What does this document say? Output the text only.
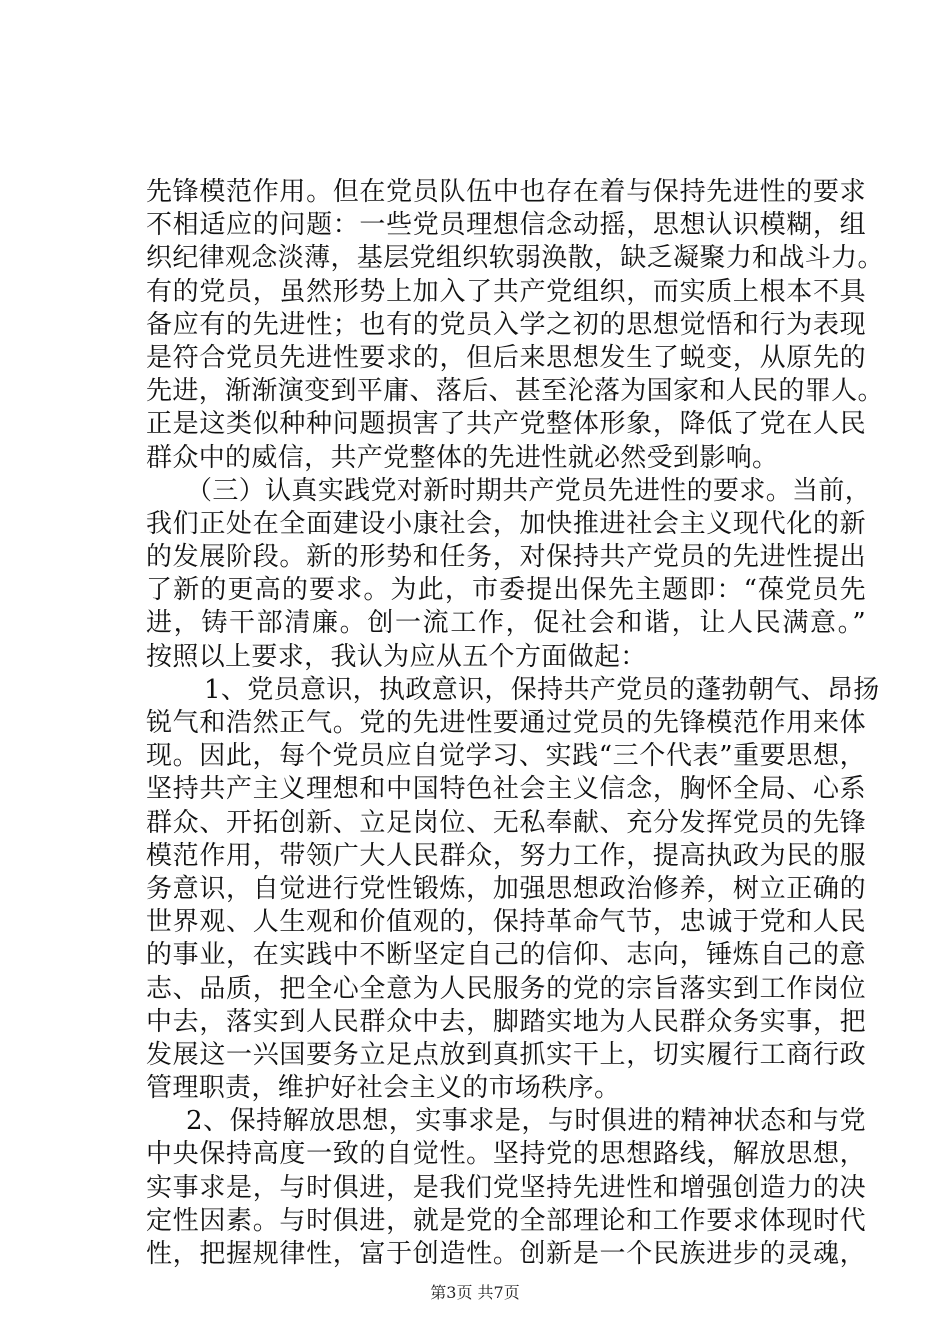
先锋模范作用。但在党员队伍中也存在着与保持先进性的要求
不相适应的问题：一些党员理想信念动摇，思想认识模糊，组
织纪律观念淡薄，基层党组织软弱涣散，缺乏凝聚力和战斗力。
有的党员，虽然形势上加入了共产党组织，而实质上根本不具
备应有的先进性；也有的党员入学之初的思想觉悟和行为表现
是符合党员先进性要求的，但后来思想发生了蜕变，从原先的
先进，渐渐演变到平庸、落后、甚至沦落为国家和人民的罪人。
正是这类似种种问题损害了共产党整体形象，降低了党在人民
群众中的威信，共产党整体的先进性就必然受到影响。
（三）认真实践党对新时期共产党员先进性的要求。当前，
我们正处在全面建设小康社会，加快推进社会主义现代化的新
的发展阶段。新的形势和任务，对保持共产党员的先进性提出
了新的更高的要求。为此，市委提出保先主题即：“葆党员先
进，铸干部清廉。创一流工作，促社会和谐，让人民满意。”
按照以上要求，我认为应从五个方面做起：
1、党员意识，执政意识，保持共产党员的蓬勃朝气、昂扬
锐气和浩然正气。党的先进性要通过党员的先锋模范作用来体
现。因此，每个党员应自觉学习、实践“三个代表”重要思想，
坚持共产主义理想和中国特色社会主义信念，胸怀全局、心系
群众、开拓创新、立足岗位、无私奉献、充分发挥党员的先锋
模范作用，带领广大人民群众，努力工作，提高执政为民的服
务意识，自觉进行党性锻炼，加强思想政治修养，树立正确的
世界观、人生观和价值观的，保持革命气节，忠诚于党和人民
的事业，在实践中不断坚定自己的信仰、志向，锤炼自己的意
志、品质，把全心全意为人民服务的党的宗旨落实到工作岗位
中去，落实到人民群众中去，脚踏实地为人民群众务实事，把
发展这一兴国要务立足点放到真抓实干上，切实履行工商行政
管理职责，维护好社会主义的市场秩序。
2、保持解放思想，实事求是，与时俱进的精神状态和与党
中央保持高度一致的自觉性。坚持党的思想路线，解放思想，
实事求是，与时俱进，是我们党坚持先进性和增强创造力的决
定性因素。与时俱进，就是党的全部理论和工作要求体现时代
性，把握规律性，富于创造性。创新是一个民族进步的灵魂，
第3页 共7页
